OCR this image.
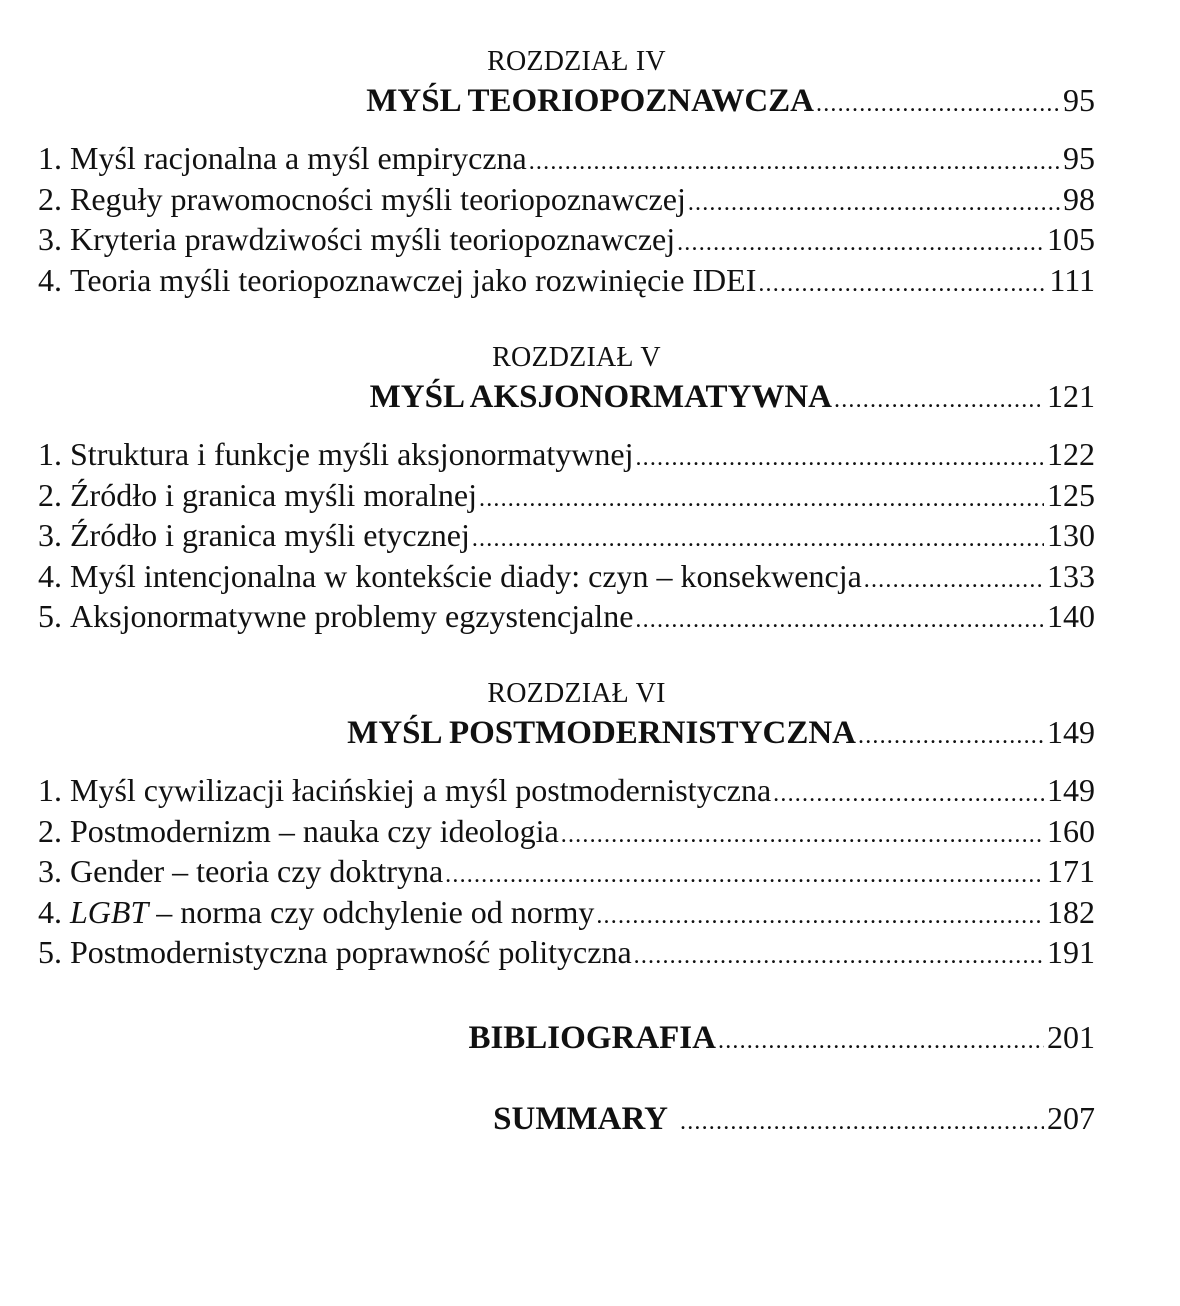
ROZDZIAŁ IV
MYŚL TEORIOPOZNAWCZA .....	95
1. Myśl racjonalna a myśl empiryczna .....	95
2. Reguły prawomocności myśli teoriopoznawczej .....	98
3. Kryteria prawdziwości myśli teoriopoznawczej .....	105
4. Teoria myśli teoriopoznawczej jako rozwinięcie IDEI .....	111
ROZDZIAŁ V
MYŚL AKSJONORMATYWNA .....	121
1. Struktura i funkcje myśli aksjonormatywnej .....	122
2. Źródło i granica myśli moralnej .....	125
3. Źródło i granica myśli etycznej .....	130
4. Myśl intencjonalna w kontekście diady: czyn – konsekwencja .....	133
5. Aksjonormatywne problemy egzystencjalne .....	140
ROZDZIAŁ VI
MYŚL POSTMODERNISTYCZNA .....	149
1. Myśl cywilizacji łacińskiej a myśl postmodernistyczna .....	149
2. Postmodernizm – nauka czy ideologia .....	160
3. Gender – teoria czy doktryna .....	171
4. LGBT – norma czy odchylenie od normy .....	182
5. Postmodernistyczna poprawność polityczna .....	191
BIBLIOGRAFIA .....	201
SUMMARY .....	207
